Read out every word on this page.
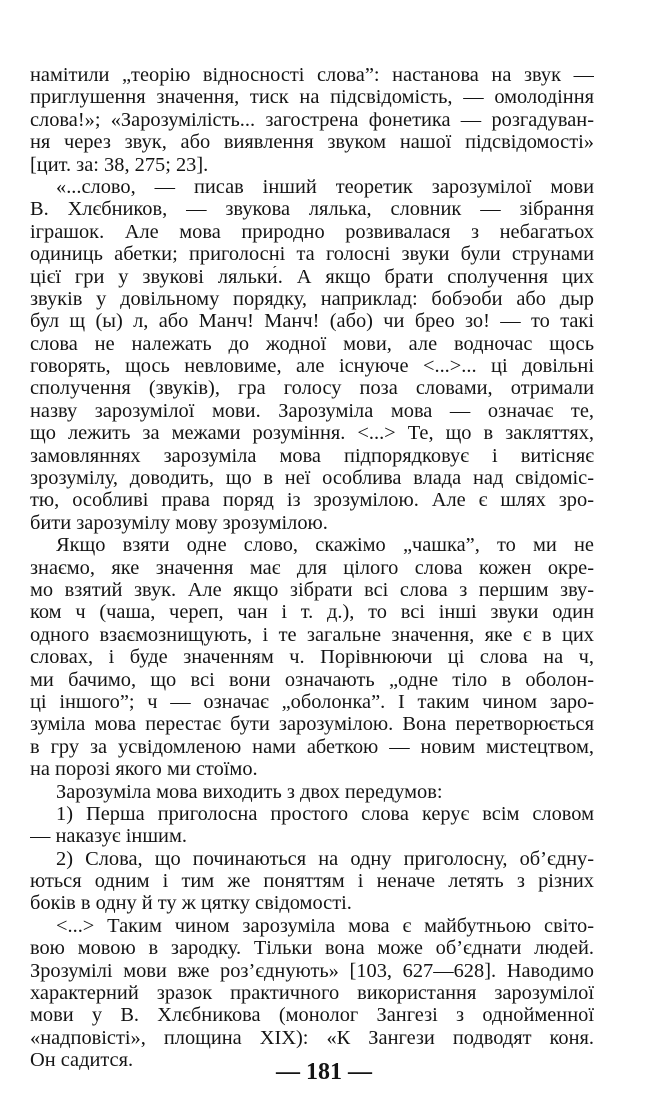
намітили „теорію відносності слова”: настанова на звук —
приглушення значення, тиск на підсвідомість, — омолодіння
слова!»; «Зарозумілість... загострена фонетика — розгадуван-
ня через звук, або виявлення звуком нашої підсвідомості»
[цит. за: 38, 275; 23].
«...слово, — писав інший теоретик зарозумілої мови
В. Хлєбников, — звукова лялька, словник — зібрання
іграшок. Але мова природно розвивалася з небагатьох
одиниць абетки; приголосні та голосні звуки були струнами
цієї гри у звукові ляльки́. А якщо брати сполучення цих
звуків у довільному порядку, наприклад: бобэоби або дыр
бул щ (ы) л, або Манч! Манч! (або) чи брео зо! — то такі
слова не належать до жодної мови, але водночас щось
говорять, щось невловиме, але існуюче <...>... ці довільні
сполучення (звуків), гра голосу поза словами, отримали
назву зарозумілої мови. Зарозуміла мова — означає те,
що лежить за межами розуміння. <...> Те, що в закляттях,
замовляннях зарозуміла мова підпорядковує і витісняє
зрозумілу, доводить, що в неї особлива влада над свідоміс-
тю, особливі права поряд із зрозумілою. Але є шлях зро-
бити зарозумілу мову зрозумілою.
Якщо взяти одне слово, скажімо „чашка”, то ми не
знаємо, яке значення має для цілого слова кожен окре-
мо взятий звук. Але якщо зібрати всі слова з першим зву-
ком ч (чаша, череп, чан і т. д.), то всі інші звуки один
одного взаємознищують, і те загальне значення, яке є в цих
словах, і буде значенням ч. Порівнюючи ці слова на ч,
ми бачимо, що всі вони означають „одне тіло в оболон-
ці іншого”; ч — означає „оболонка”. І таким чином заро-
зуміла мова перестає бути зарозумілою. Вона перетворюється
в гру за усвідомленою нами абеткою — новим мистецтвом,
на порозі якого ми стоїмо.
Зарозуміла мова виходить з двох передумов:
1) Перша приголосна простого слова керує всім словом
— наказує іншим.
2) Слова, що починаються на одну приголосну, об’єдну-
ються одним і тим же поняттям і неначе летять з різних
боків в одну й ту ж цятку свідомості.
<...> Таким чином зарозуміла мова є майбутньою світо-
вою мовою в зародку. Тільки вона може об’єднати людей.
Зрозумілі мови вже роз’єднують» [103, 627—628]. Наводимо
характерний зразок практичного використання зарозумілої
мови у В. Хлєбникова (монолог Зангезі з однойменної
«надповісті», площина XIX): «К Зангези подводят коня.
Он садится.	— 181 —
